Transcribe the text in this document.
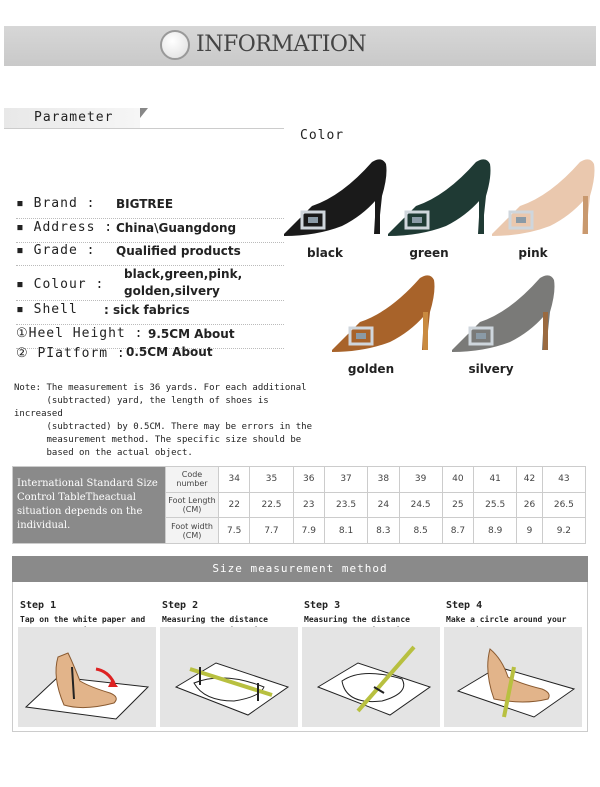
INFORMATION
Parameter
▪ Brand : BIGTREE
▪ Address : China\Guangdong
▪ Grade : Qualified products
▪ Colour :
black,green,pink,
golden,silvery
▪ Shell : sick fabrics
①Heel Height : 9.5CM About
② PIatform : 0.5CM About
Color
black	green	pink
golden	silvery
Note: The measurement is 36 yards. For each additional
(subtracted) yard, the length of shoes is increased
(subtracted) by 0.5CM. There may be errors in the
measurement method. The specific size should be
based on the actual object.
International Standard Size Control TableTheactual situation depends on the individual.	Code number	34	35	36	37	38	39	40	41	42	43
	Foot Length (CM)	22	22.5	23	23.5	24	24.5	25	25.5	26	26.5
	Foot width (CM)	7.5	7.7	7.9	8.1	8.3	8.5	8.7	8.9	9	9.2
Size measurement method
Step 1
Tap on the white paper and
Step 2
Measuring the distance
Step 3
Measuring the distance
Step 4
Make a circle around your
